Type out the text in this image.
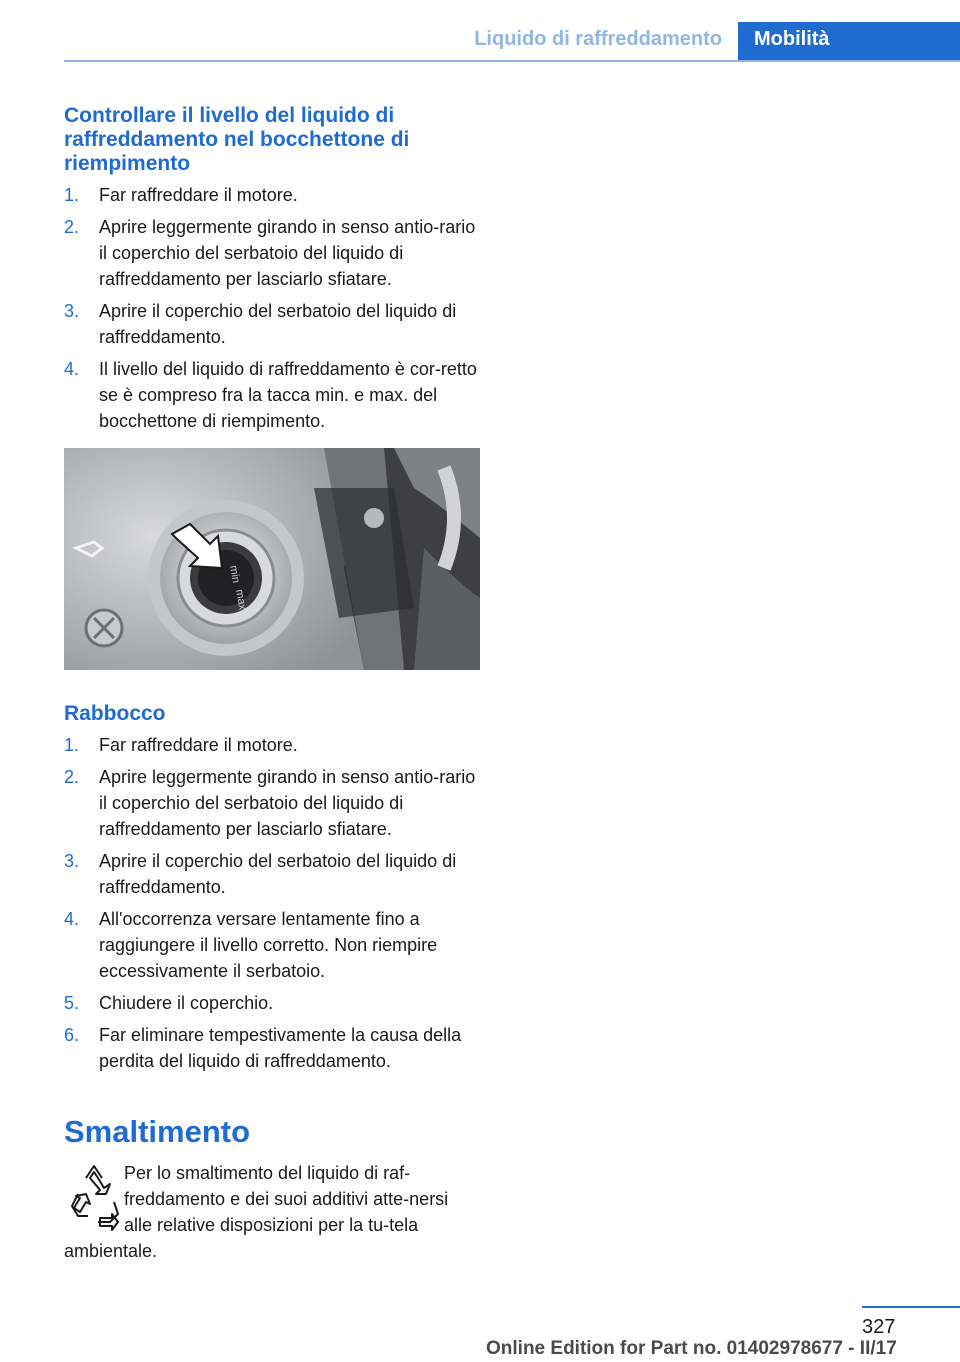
Liquido di raffreddamento Mobilità
Controllare il livello del liquido di raffreddamento nel bocchettone di riempimento
1. Far raffreddare il motore.
2. Aprire leggermente girando in senso antio‐rario il coperchio del serbatoio del liquido di raffreddamento per lasciarlo sfiatare.
3. Aprire il coperchio del serbatoio del liquido di raffreddamento.
4. Il livello del liquido di raffreddamento è cor‐retto se è compreso fra la tacca min. e max. del bocchettone di riempimento.
min
max
Rabbocco
1. Far raffreddare il motore.
2. Aprire leggermente girando in senso antio‐rario il coperchio del serbatoio del liquido di raffreddamento per lasciarlo sfiatare.
3. Aprire il coperchio del serbatoio del liquido di raffreddamento.
4. All'occorrenza versare lentamente fino a raggiungere il livello corretto. Non riempire eccessivamente il serbatoio.
5. Chiudere il coperchio.
6. Far eliminare tempestivamente la causa della perdita del liquido di raffreddamento.
Smaltimento

Per lo smaltimento del liquido di raf‐freddamento e dei suoi additivi atte‐nersi alle relative disposizioni per la tu‐tela ambientale.

327
Online Edition for Part no. 01402978677 - II/17
